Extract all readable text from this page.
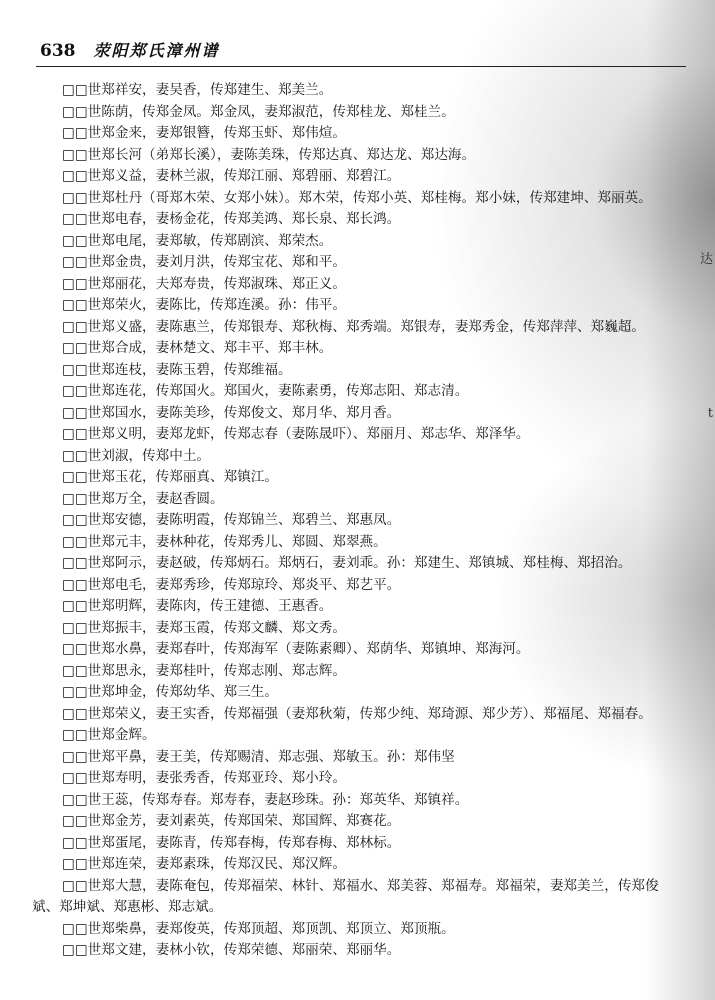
638 荥阳郑氏漳州谱
□□世郑祥安，妻吴香，传郑建生、郑美兰。
□□世陈荫，传郑金凤。郑金凤，妻郑淑范，传郑桂龙、郑桂兰。
□□世郑金来，妻郑银簪，传郑玉虾、郑伟煊。
□□世郑长河（弟郑长溪），妻陈美珠，传郑达真、郑达龙、郑达海。
□□世郑义益，妻林兰淑，传郑江丽、郑碧丽、郑碧江。
□□世郑杜丹（哥郑木荣、女郑小妹）。郑木荣，传郑小英、郑桂梅。郑小妹，传郑建坤、郑丽英。
□□世郑电春，妻杨金花，传郑美鸿、郑长泉、郑长鸿。
□□世郑电尾，妻郑敏，传郑剧滨、郑荣杰。
□□世郑金贵，妻刘月洪，传郑宝花、郑和平。
□□世郑丽花，夫郑寿贵，传郑淑珠、郑正义。
□□世郑荣火，妻陈比，传郑连溪。孙：伟平。
□□世郑义盛，妻陈惠兰，传郑银寿、郑秋梅、郑秀端。郑银寿，妻郑秀金，传郑萍萍、郑巍超。
□□世郑合成，妻林楚文、郑丰平、郑丰林。
□□世郑连枝，妻陈玉碧，传郑维福。
□□世郑连花，传郑国火。郑国火，妻陈素勇，传郑志阳、郑志清。
□□世郑国水，妻陈美珍，传郑俊文、郑月华、郑月香。
□□世郑义明，妻郑龙虾，传郑志春（妻陈晟吓）、郑丽月、郑志华、郑泽华。
□□世刘淑，传郑中土。
□□世郑玉花，传郑丽真、郑镇江。
□□世郑万全，妻赵香圆。
□□世郑安德，妻陈明霞，传郑锦兰、郑碧兰、郑惠凤。
□□世郑元丰，妻林种花，传郑秀儿、郑圆、郑翠燕。
□□世郑阿示，妻赵破，传郑炳石。郑炳石，妻刘乖。孙：郑建生、郑镇城、郑桂梅、郑招治。
□□世郑电毛，妻郑秀珍，传郑琼玲、郑炎平、郑艺平。
□□世郑明辉，妻陈肉，传王建德、王惠香。
□□世郑振丰，妻郑玉霞，传郑文麟、郑文秀。
□□世郑水鼻，妻郑春叶，传郑海军（妻陈素卿）、郑荫华、郑镇坤、郑海河。
□□世郑思永，妻郑桂叶，传郑志刚、郑志辉。
□□世郑坤金，传郑幼华、郑三生。
□□世郑荣义，妻王实香，传郑福强（妻郑秋菊，传郑少纯、郑琦源、郑少芳）、郑福尾、郑福春。
□□世郑金辉。
□□世郑平鼻，妻王美，传郑赐清、郑志强、郑敏玉。孙：郑伟坚
□□世郑寿明，妻张秀香，传郑亚玲、郑小玲。
□□世王蕊，传郑寿春。郑寿春，妻赵珍珠。孙：郑英华、郑镇祥。
□□世郑金芳，妻刘素英，传郑国荣、郑国辉、郑赛花。
□□世郑蛋尾，妻陈青，传郑春梅，传郑春梅、郑林标。
□□世郑连荣，妻郑素珠，传郑汉民、郑汉辉。
□□世郑大慧，妻陈奄包，传郑福荣、林针、郑福水、郑美蓉、郑福寿。郑福荣，妻郑美兰，传郑俊
斌、郑坤斌、郑惠彬、郑志斌。
□□世郑柴鼻，妻郑俊英，传郑顶超、郑顶凯、郑顶立、郑顶瓶。
□□世郑文建，妻林小钦，传郑荣德、郑丽荣、郑丽华。
达
t
